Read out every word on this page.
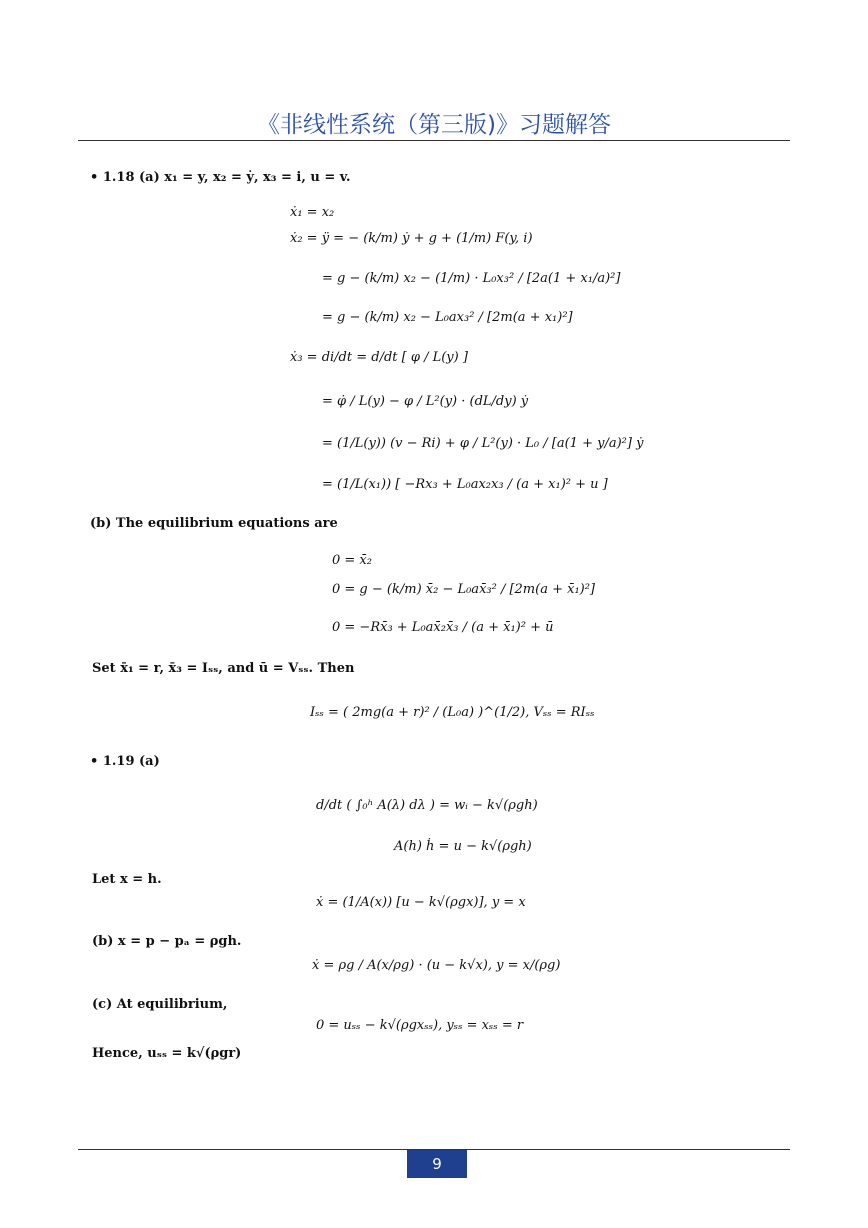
《非线性系统（第三版)》习题解答
• 1.18 (a) x₁ = y, x₂ = ẏ, x₃ = i, u = v.
ẋ₁ = x₂
ẋ₂ = ÿ = − (k/m) ẏ + g + (1/m) F(y, i)
= g − (k/m) x₂ − (1/m) · L₀x₃² / [2a(1 + x₁/a)²]
= g − (k/m) x₂ − L₀ax₃² / [2m(a + x₁)²]
ẋ₃ = di/dt = d/dt [ φ / L(y) ]
= φ̇ / L(y) − φ / L²(y) · (dL/dy) ẏ
= (1/L(y)) (v − Ri) + φ / L²(y) · L₀ / [a(1 + y/a)²] ẏ
= (1/L(x₁)) [ −Rx₃ + L₀ax₂x₃ / (a + x₁)² + u ]
(b) The equilibrium equations are
0 = x̄₂
0 = g − (k/m) x̄₂ − L₀ax̄₃² / [2m(a + x̄₁)²]
0 = −Rx̄₃ + L₀ax̄₂x̄₃ / (a + x̄₁)² + ū
Set x̄₁ = r, x̄₃ = Iₛₛ, and ū = Vₛₛ. Then
Iₛₛ = ( 2mg(a + r)² / (L₀a) )^(1/2), Vₛₛ = RIₛₛ
• 1.19 (a)
d/dt ( ∫₀ʰ A(λ) dλ ) = wᵢ − k√(ρgh)
A(h) ḣ = u − k√(ρgh)
Let x = h.
ẋ = (1/A(x)) [u − k√(ρgx)], y = x
(b) x = p − pₐ = ρgh.
ẋ = ρg / A(x/ρg) · (u − k√x), y = x/(ρg)
(c) At equilibrium,
0 = uₛₛ − k√(ρgxₛₛ), yₛₛ = xₛₛ = r
Hence, uₛₛ = k√(ρgr)
9
